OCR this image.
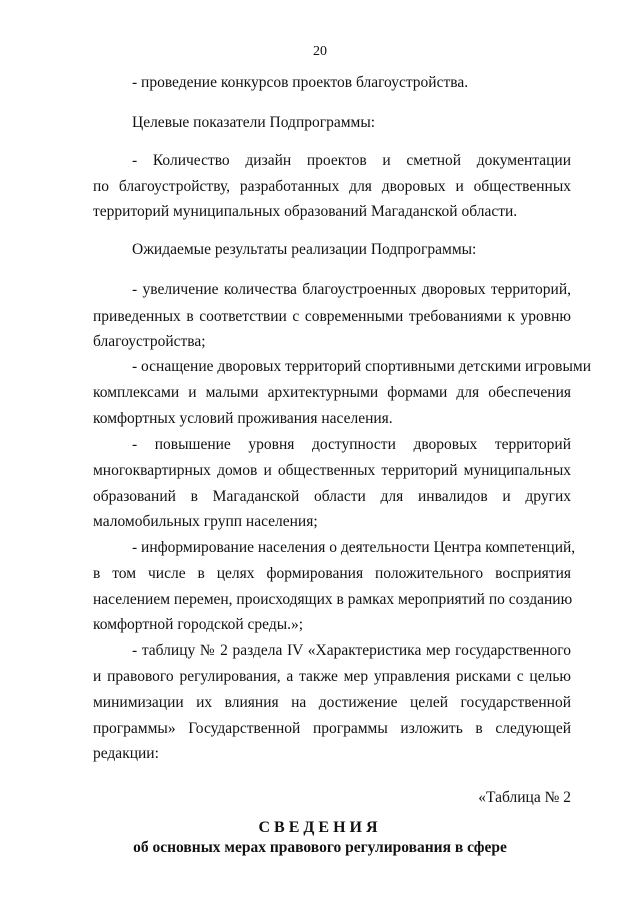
20
- проведение конкурсов проектов благоустройства.
Целевые показатели Подпрограммы:
- Количество дизайн проектов и сметной документации
по благоустройству, разработанных для дворовых и общественных
территорий муниципальных образований Магаданской области.
Ожидаемые результаты реализации Подпрограммы:
- увеличение количества благоустроенных дворовых территорий,
приведенных в соответствии с современными требованиями к уровню
благоустройства;
- оснащение дворовых территорий спортивными детскими игровыми
комплексами и малыми архитектурными формами для обеспечения
комфортных условий проживания населения.
- повышение уровня доступности дворовых территорий
многоквартирных домов и общественных территорий муниципальных
образований в Магаданской области для инвалидов и других
маломобильных групп населения;
- информирование населения о деятельности Центра компетенций,
в том числе в целях формирования положительного восприятия
населением перемен, происходящих в рамках мероприятий по созданию
комфортной городской среды.»;
- таблицу № 2 раздела IV «Характеристика мер государственного
и правового регулирования, а также мер управления рисками с целью
минимизации их влияния на достижение целей государственной
программы» Государственной программы изложить в следующей
редакции:
«Таблица № 2
СВЕДЕНИЯ
об основных мерах правового регулирования в сфере
